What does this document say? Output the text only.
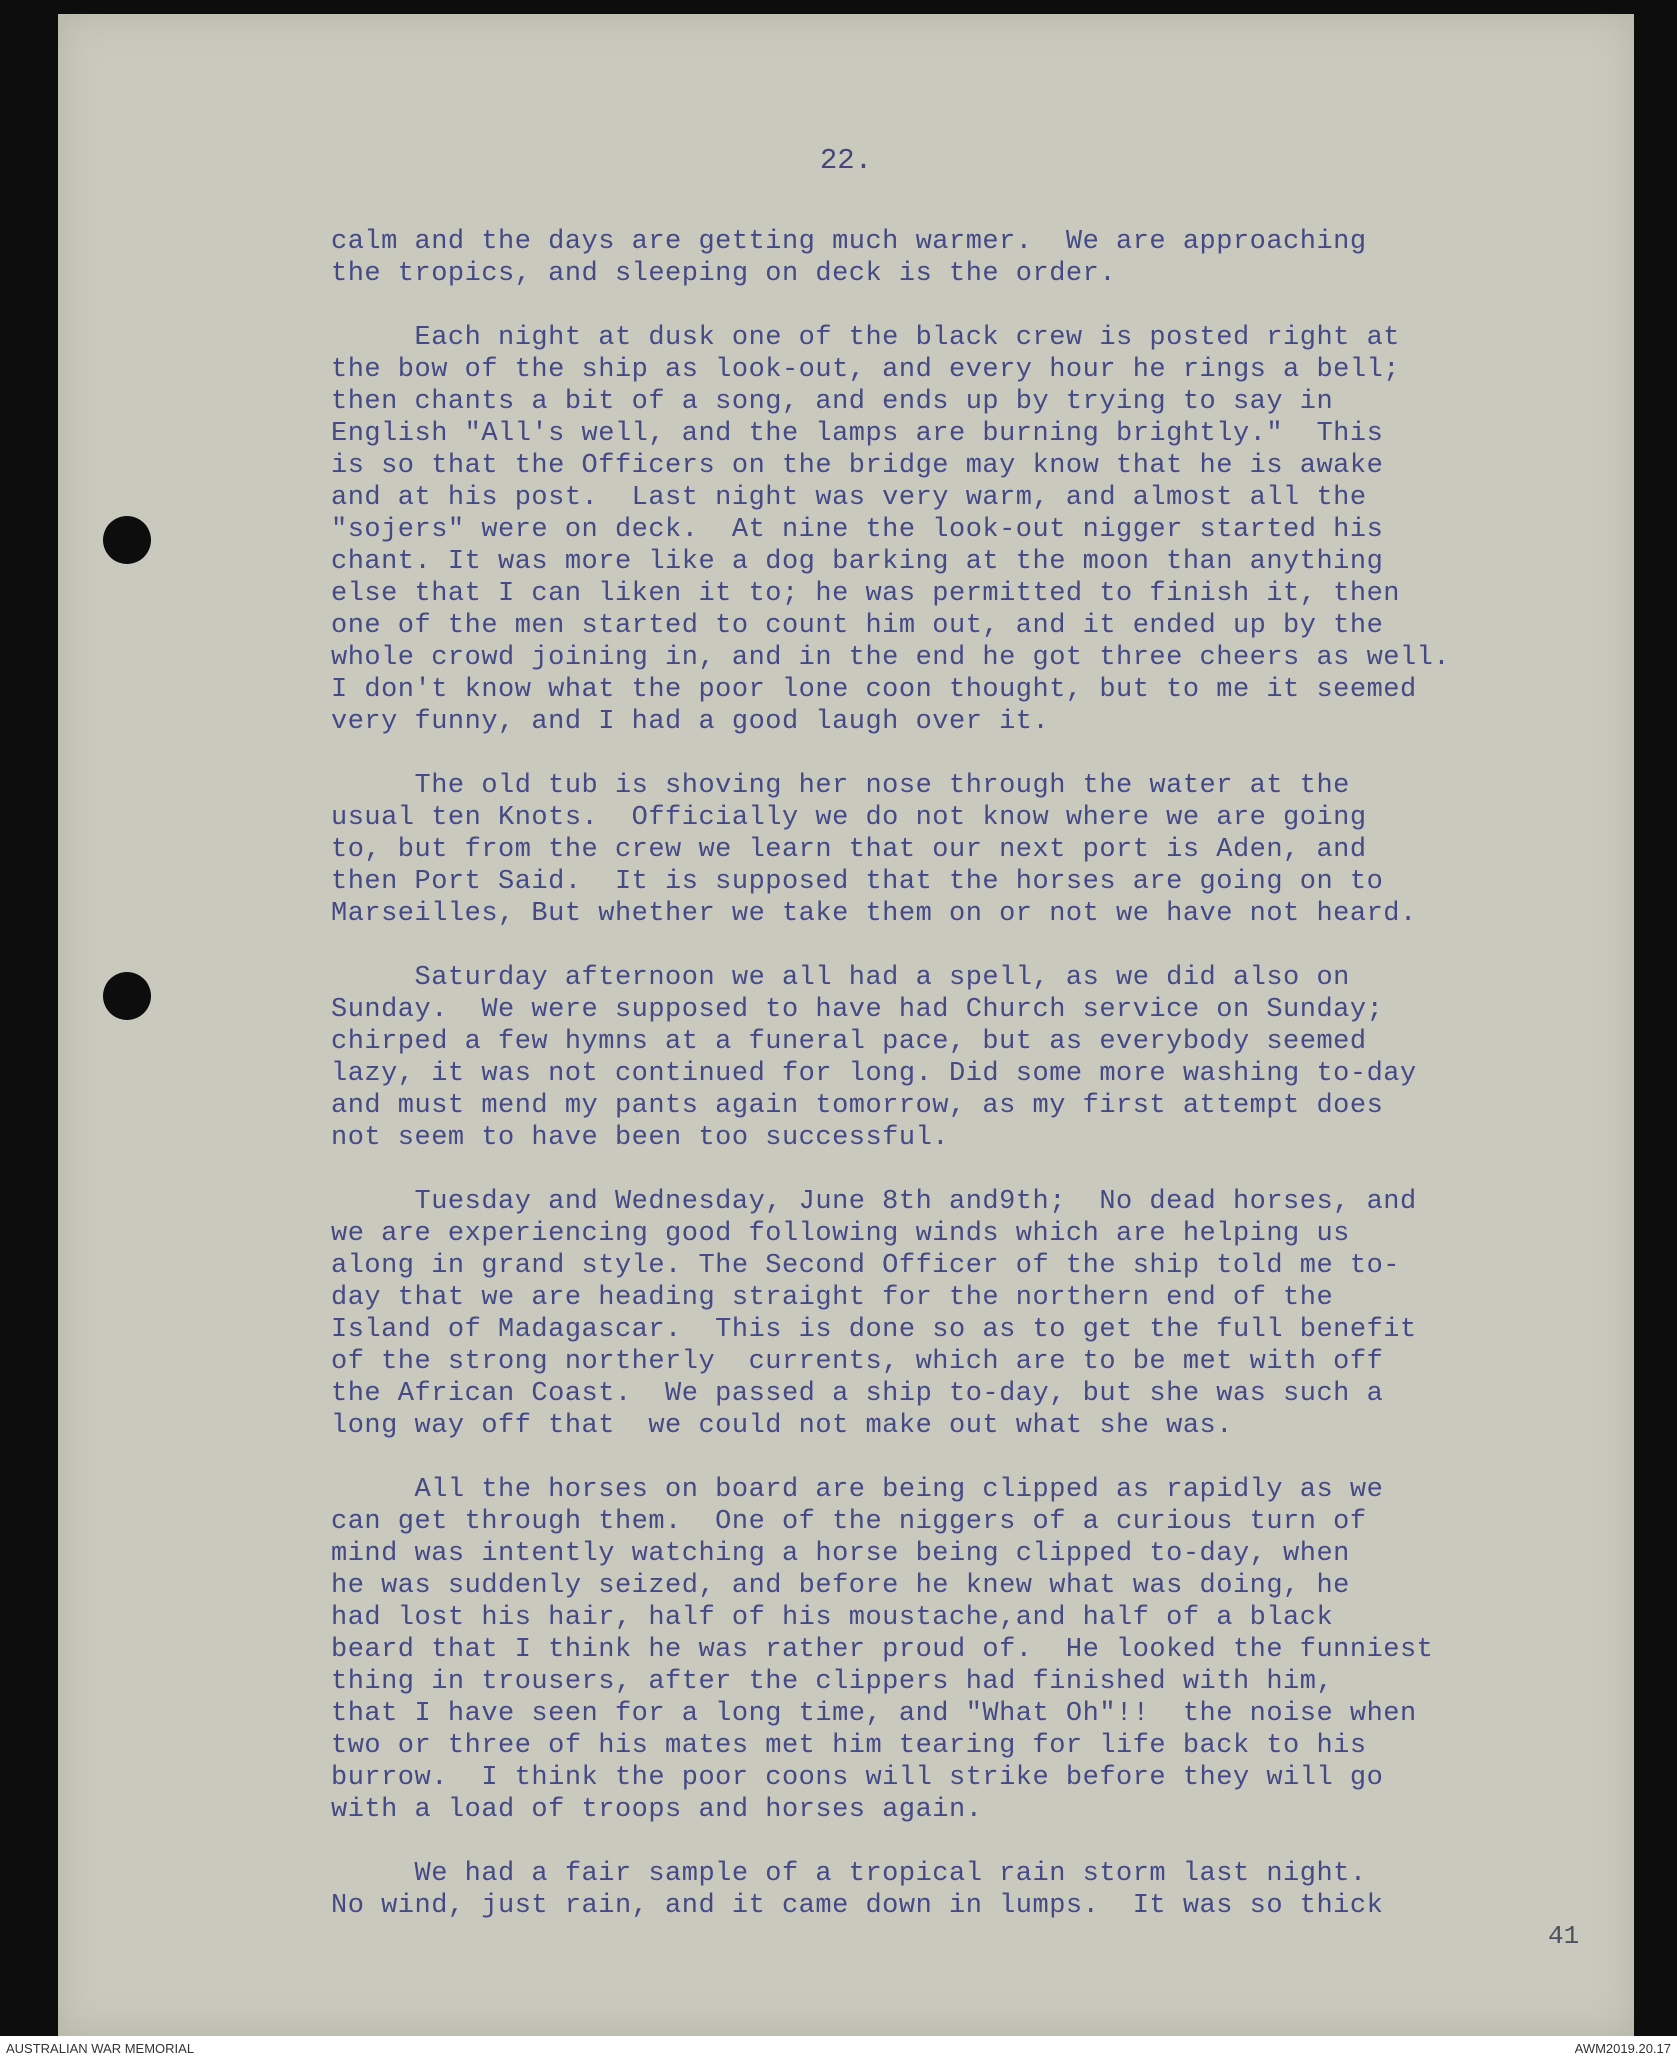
22.

calm and the days are getting much warmer.  We are approaching
the tropics, and sleeping on deck is the order.
Each night at dusk one of the black crew is posted right at
the bow of the ship as look-out, and every hour he rings a bell;
then chants a bit of a song, and ends up by trying to say in
English "All's well, and the lamps are burning brightly."  This
is so that the Officers on the bridge may know that he is awake
and at his post.  Last night was very warm, and almost all the
"sojers" were on deck.  At nine the look-out nigger started his
chant. It was more like a dog barking at the moon than anything
else that I can liken it to; he was permitted to finish it, then
one of the men started to count him out, and it ended up by the
whole crowd joining in, and in the end he got three cheers as well.
I don't know what the poor lone coon thought, but to me it seemed
very funny, and I had a good laugh over it.
The old tub is shoving her nose through the water at the
usual ten Knots.  Officially we do not know where we are going
to, but from the crew we learn that our next port is Aden, and
then Port Said.  It is supposed that the horses are going on to
Marseilles, But whether we take them on or not we have not heard.
Saturday afternoon we all had a spell, as we did also on
Sunday.  We were supposed to have had Church service on Sunday;
chirped a few hymns at a funeral pace, but as everybody seemed
lazy, it was not continued for long. Did some more washing to-day
and must mend my pants again tomorrow, as my first attempt does
not seem to have been too successful.
Tuesday and Wednesday, June 8th and9th;  No dead horses, and
we are experiencing good following winds which are helping us
along in grand style. The Second Officer of the ship told me to-
day that we are heading straight for the northern end of the
Island of Madagascar.  This is done so as to get the full benefit
of the strong northerly  currents, which are to be met with off
the African Coast.  We passed a ship to-day, but she was such a
long way off that  we could not make out what she was.
All the horses on board are being clipped as rapidly as we
can get through them.  One of the niggers of a curious turn of
mind was intently watching a horse being clipped to-day, when
he was suddenly seized, and before he knew what was doing, he
had lost his hair, half of his moustache,and half of a black
beard that I think he was rather proud of.  He looked the funniest
thing in trousers, after the clippers had finished with him,
that I have seen for a long time, and "What Oh"!!  the noise when
two or three of his mates met him tearing for life back to his
burrow.  I think the poor coons will strike before they will go
with a load of troops and horses again.
We had a fair sample of a tropical rain storm last night.
No wind, just rain, and it came down in lumps.  It was so thick
41
AUSTRALIAN WAR MEMORIAL	AWM2019.20.17
